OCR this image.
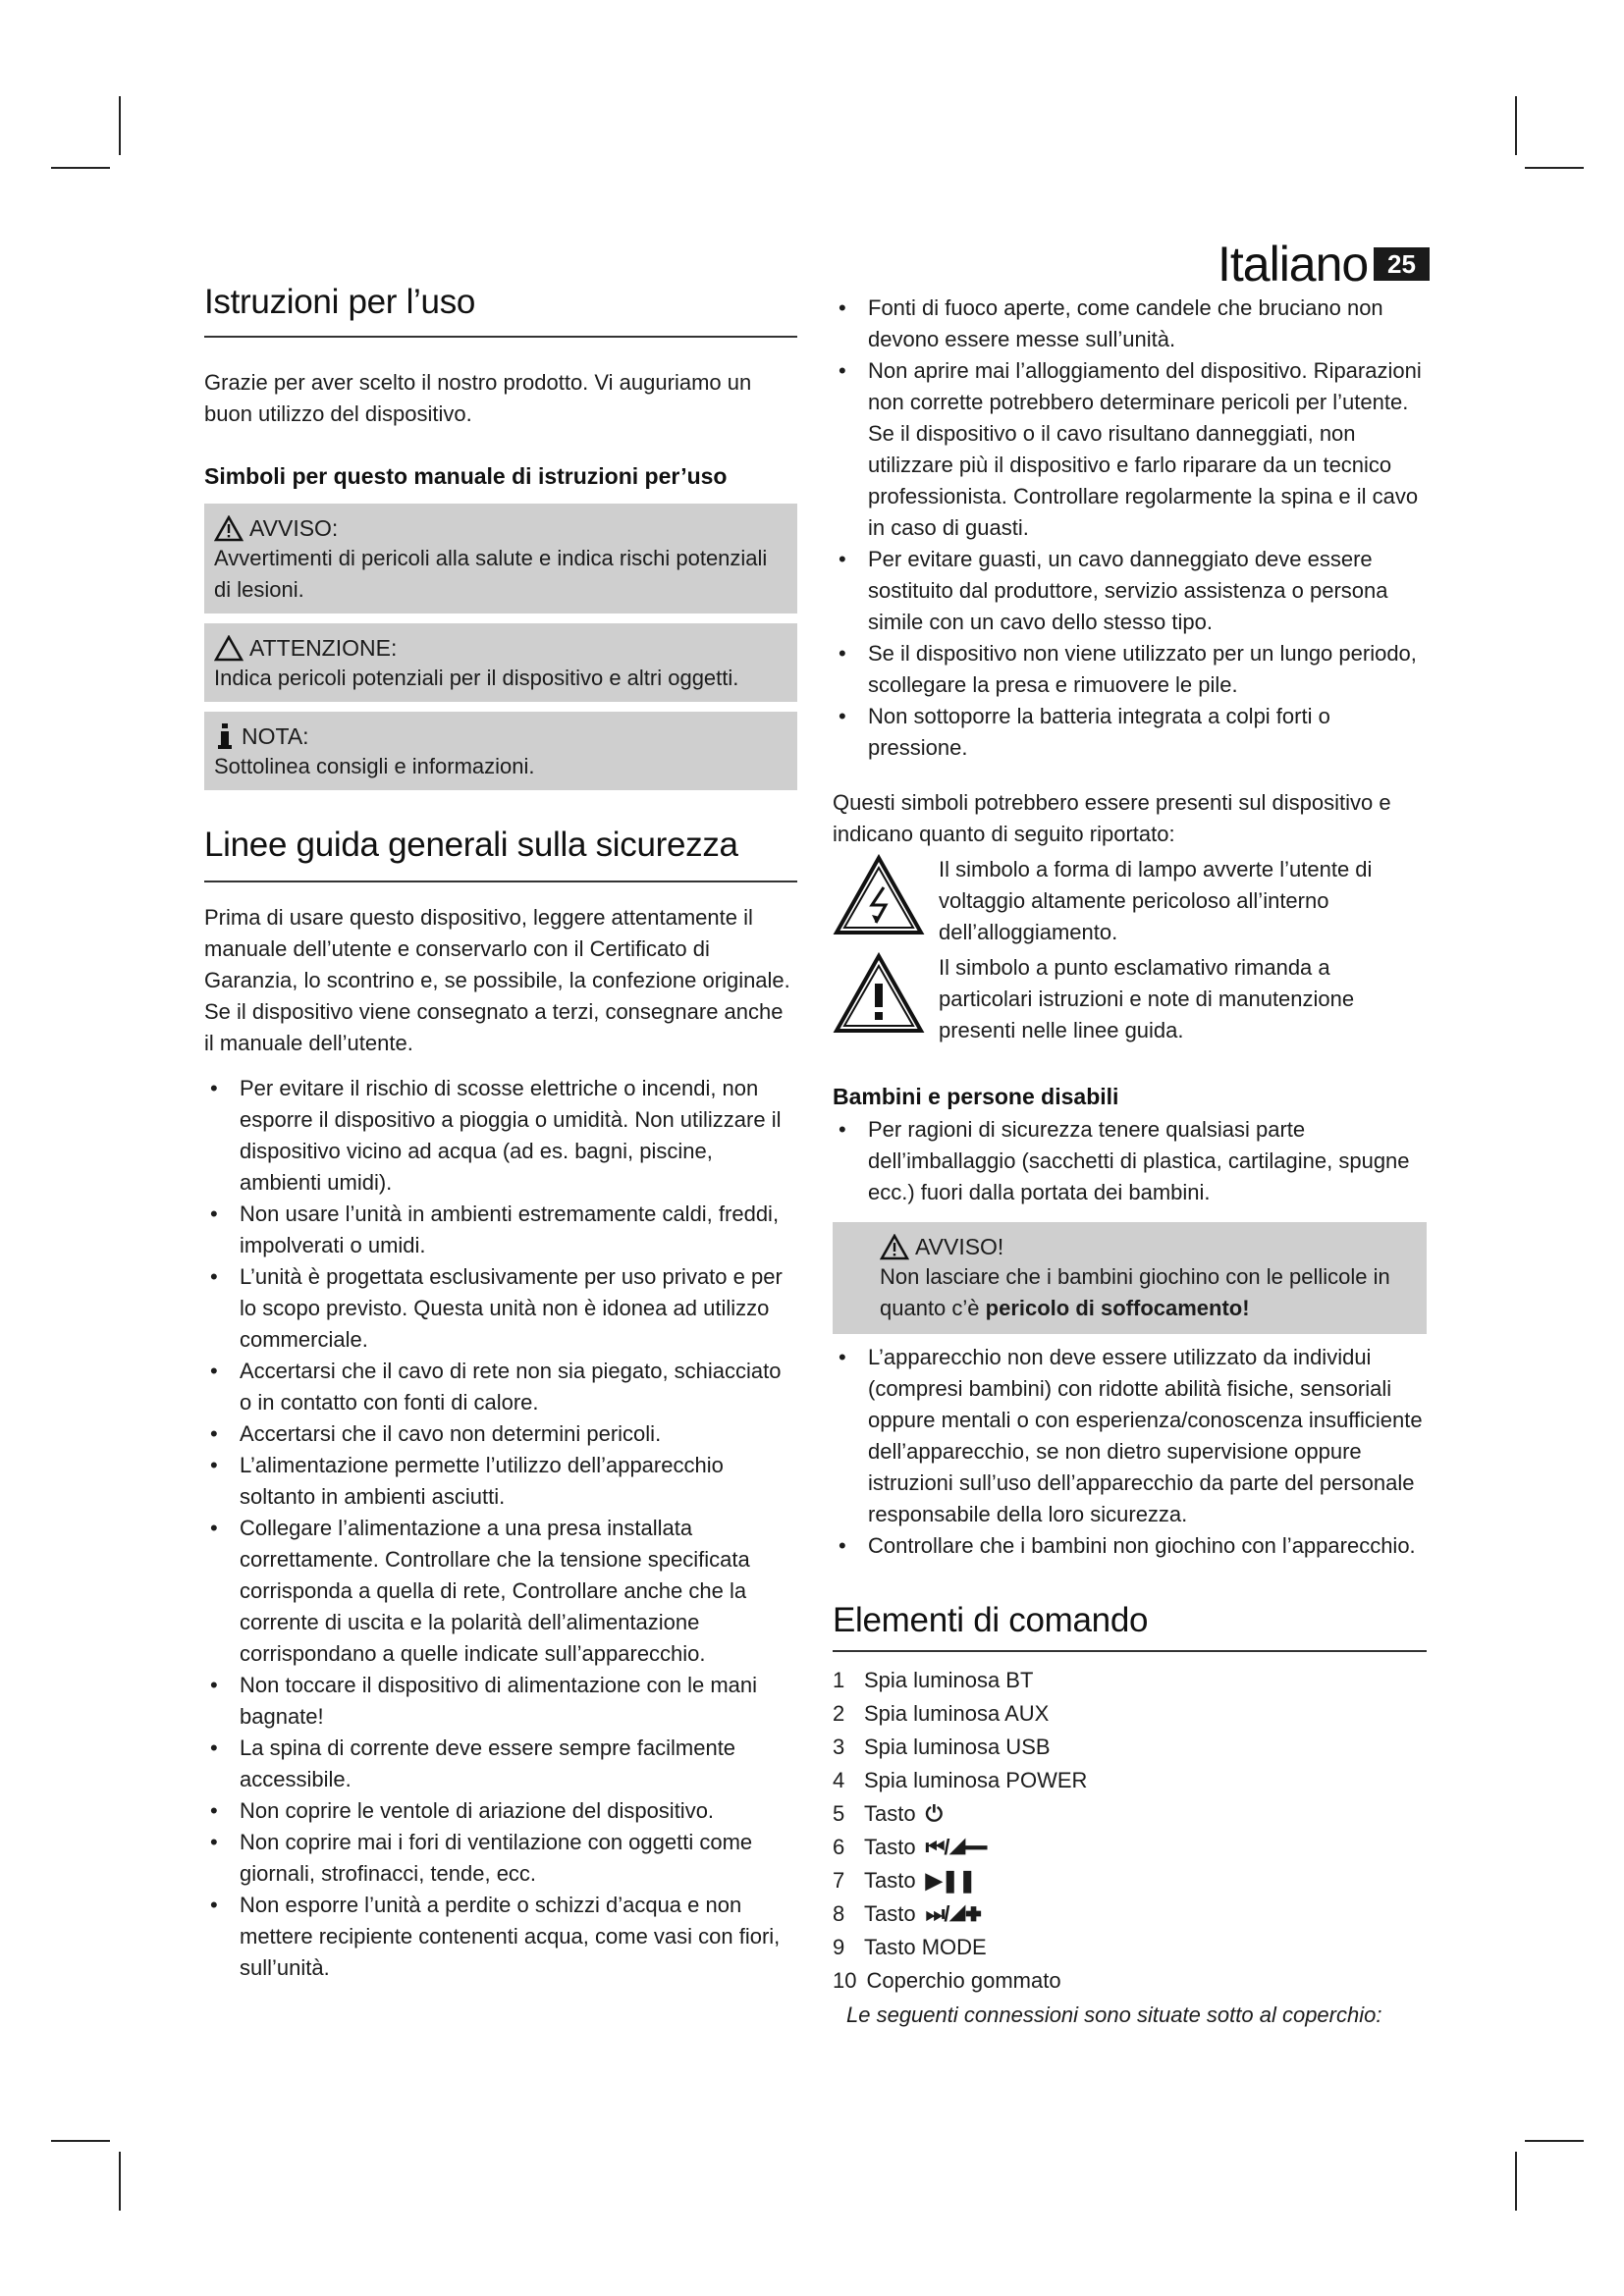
Italiano 25
Istruzioni per l’uso

Grazie per aver scelto il nostro prodotto. Vi auguriamo un buon utilizzo del dispositivo.

Simboli per questo manuale di istruzioni per’uso
AVVISO:

Avvertimenti di pericoli alla salute e indica rischi potenziali di lesioni.

ATTENZIONE:

Indica pericoli potenziali per il dispositivo e altri oggetti.

NOTA:

Sottolinea consigli e informazioni.

Linee guida generali sulla sicurezza

Prima di usare questo dispositivo, leggere attentamente il manuale dell’utente e conservarlo con il Certificato di Garanzia, lo scontrino e, se possibile, la confezione originale. Se il dispositivo viene consegnato a terzi, consegnare anche il manuale dell’utente.

• Per evitare il rischio di scosse elettriche o incendi, non esporre il dispositivo a pioggia o umidità. Non utilizzare il dispositivo vicino ad acqua (ad es. bagni, piscine, ambienti umidi).
• Non usare l’unità in ambienti estremamente caldi, freddi, impolverati o umidi.
• L’unità è progettata esclusivamente per uso privato e per lo scopo previsto. Questa unità non è idonea ad utilizzo commerciale.
• Accertarsi che il cavo di rete non sia piegato, schiacciato o in contatto con fonti di calore.
• Accertarsi che il cavo non determini pericoli.
• L’alimentazione permette l’utilizzo dell’apparecchio soltanto in ambienti asciutti.
• Collegare l’alimentazione a una presa installata correttamente. Controllare che la tensione specificata corrisponda a quella di rete, Controllare anche che la corrente di uscita e la polarità dell’alimentazione corrispondano a quelle indicate sull’apparecchio.
• Non toccare il dispositivo di alimentazione con le mani bagnate!
• La spina di corrente deve essere sempre facilmente accessibile.
• Non coprire le ventole di ariazione del dispositivo.
• Non coprire mai i fori di ventilazione con oggetti come giornali, strofinacci, tende, ecc.
• Non esporre l’unità a perdite o schizzi d’acqua e non mettere recipiente contenenti acqua, come vasi con fiori, sull’unità.
• Fonti di fuoco aperte, come candele che bruciano non devono essere messe sull’unità.
• Non aprire mai l’alloggiamento del dispositivo. Riparazioni non corrette potrebbero determinare pericoli per l’utente. Se il dispositivo o il cavo risultano danneggiati, non utilizzare più il dispositivo e farlo riparare da un tecnico professionista. Controllare regolarmente la spina e il cavo in caso di guasti.
• Per evitare guasti, un cavo danneggiato deve essere sostituito dal produttore, servizio assistenza o persona simile con un cavo dello stesso tipo.
• Se il dispositivo non viene utilizzato per un lungo periodo, scollegare la presa e rimuovere le pile.
• Non sottoporre la batteria integrata a colpi forti o pressione.

Questi simboli potrebbero essere presenti sul dispositivo e indicano quanto di seguito riportato:

Il simbolo a forma di lampo avverte l’utente di voltaggio altamente pericoloso all’interno dell’alloggiamento.

Il simbolo a punto esclamativo rimanda a particolari istruzioni e note di manutenzione presenti nelle linee guida.

Bambini e persone disabili
• Per ragioni di sicurezza tenere qualsiasi parte dell’imballaggio (sacchetti di plastica, cartilagine, spugne ecc.) fuori dalla portata dei bambini.
AVVISO!

Non lasciare che i bambini giochino con le pellicole in quanto c’è pericolo di soffocamento!

• L’apparecchio non deve essere utilizzato da individui (compresi bambini) con ridotte abilità fisiche, sensoriali oppure mentali o con esperienza/conoscenza insufficiente dell’apparecchio, se non dietro supervisione oppure istruzioni sull’uso dell’apparecchio da parte del personale responsabile della loro sicurezza.
• Controllare che i bambini non giochino con l’apparecchio.
Elementi di comando
1 Spia luminosa BT
2 Spia luminosa AUX
3 Spia luminosa USB
4 Spia luminosa POWER
5 Tasto ⏻
6 Tasto ⏮/◢━
7 Tasto ▶❚❚
8 Tasto ⏭/◢✚
9 Tasto MODE
10 Coperchio gommato
Le seguenti connessioni sono situate sotto al coperchio:
